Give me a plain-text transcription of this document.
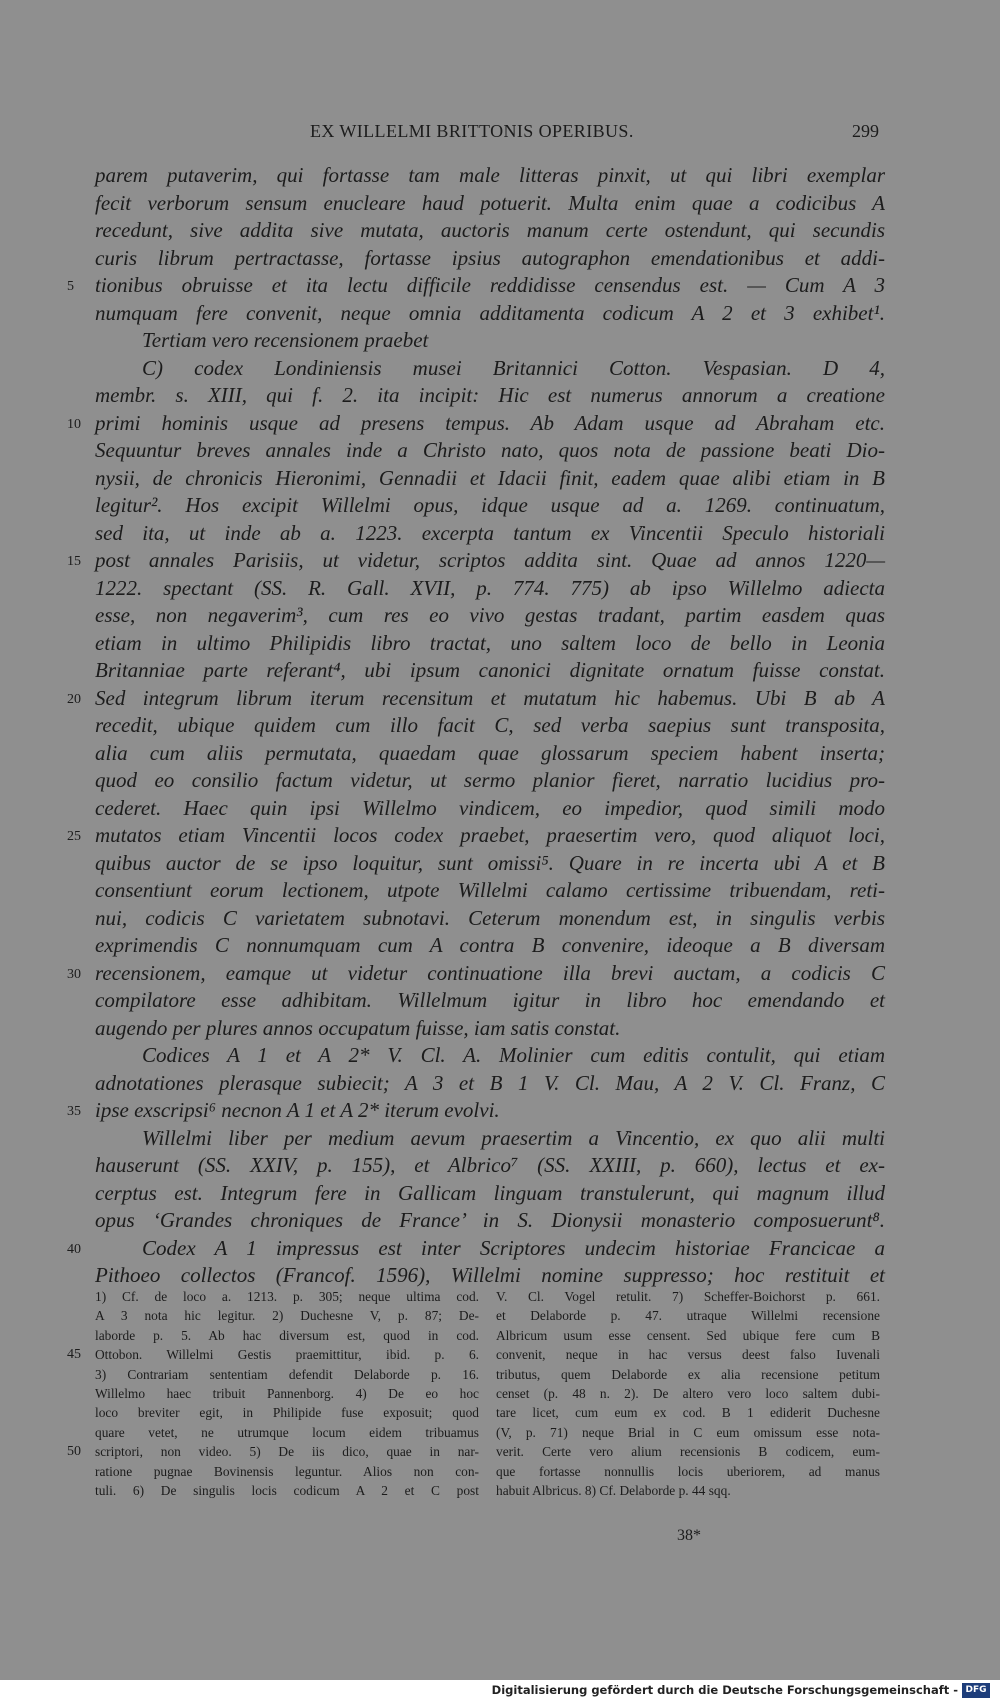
EX WILLELMI BRITTONIS OPERIBUS.	299
parem putaverim, qui fortasse tam male litteras pinxit, ut qui libri exemplar
fecit verborum sensum enucleare haud potuerit. Multa enim quae a codicibus A
recedunt, sive addita sive mutata, auctoris manum certe ostendunt, qui secundis
curis librum pertractasse, fortasse ipsius autographon emendationibus et addi-
tionibus obruisse et ita lectu difficile reddidisse censendus est. — Cum A 3
5
numquam fere convenit, neque omnia additamenta codicum A 2 et 3 exhibet¹.
Tertiam vero recensionem praebet
C) codex Londiniensis musei Britannici Cotton. Vespasian. D 4,
membr. s. XIII, qui f. 2. ita incipit: Hic est numerus annorum a creatione
primi hominis usque ad presens tempus. Ab Adam usque ad Abraham etc.
10
Sequuntur breves annales inde a Christo nato, quos nota de passione beati Dio-
nysii, de chronicis Hieronimi, Gennadii et Idacii finit, eadem quae alibi etiam in B
legitur². Hos excipit Willelmi opus, idque usque ad a. 1269. continuatum,
sed ita, ut inde ab a. 1223. excerpta tantum ex Vincentii Speculo historiali
post annales Parisiis, ut videtur, scriptos addita sint. Quae ad annos 1220—
15
1222. spectant (SS. R. Gall. XVII, p. 774. 775) ab ipso Willelmo adiecta
esse, non negaverim³, cum res eo vivo gestas tradant, partim easdem quas
etiam in ultimo Philipidis libro tractat, uno saltem loco de bello in Leonia
Britanniae parte referant⁴, ubi ipsum canonici dignitate ornatum fuisse constat.
Sed integrum librum iterum recensitum et mutatum hic habemus. Ubi B ab A
20
recedit, ubique quidem cum illo facit C, sed verba saepius sunt transposita,
alia cum aliis permutata, quaedam quae glossarum speciem habent inserta;
quod eo consilio factum videtur, ut sermo planior fieret, narratio lucidius pro-
cederet. Haec quin ipsi Willelmo vindicem, eo impedior, quod simili modo
mutatos etiam Vincentii locos codex praebet, praesertim vero, quod aliquot loci,
25
quibus auctor de se ipso loquitur, sunt omissi⁵. Quare in re incerta ubi A et B
consentiunt eorum lectionem, utpote Willelmi calamo certissime tribuendam, reti-
nui, codicis C varietatem subnotavi. Ceterum monendum est, in singulis verbis
exprimendis C nonnumquam cum A contra B convenire, ideoque a B diversam
recensionem, eamque ut videtur continuatione illa brevi auctam, a codicis C
30
compilatore esse adhibitam. Willelmum igitur in libro hoc emendando et
augendo per plures annos occupatum fuisse, iam satis constat.
Codices A 1 et A 2* V. Cl. A. Molinier cum editis contulit, qui etiam
adnotationes plerasque subiecit; A 3 et B 1 V. Cl. Mau, A 2 V. Cl. Franz, C
ipse exscripsi⁶ necnon A 1 et A 2* iterum evolvi.
35
Willelmi liber per medium aevum praesertim a Vincentio, ex quo alii multi
hauserunt (SS. XXIV, p. 155), et Albrico⁷ (SS. XXIII, p. 660), lectus et ex-
cerptus est. Integrum fere in Gallicam linguam transtulerunt, qui magnum illud
opus ‘Grandes chroniques de France’ in S. Dionysii monasterio composuerunt⁸.
Codex A 1 impressus est inter Scriptores undecim historiae Francicae a
40
Pithoeo collectos (Francof. 1596), Willelmi nomine suppresso; hoc restituit et
1) Cf. de loco a. 1213. p. 305; neque ultima cod.
A 3 nota hic legitur. 2) Duchesne V, p. 87; De-
laborde p. 5. Ab hac diversum est, quod in cod.
Ottobon. Willelmi Gestis praemittitur, ibid. p. 6.
45
3) Contrariam sententiam defendit Delaborde p. 16.
Willelmo haec tribuit Pannenborg. 4) De eo hoc
loco breviter egit, in Philipide fuse exposuit; quod
quare vetet, ne utrumque locum eidem tribuamus
scriptori, non video. 5) De iis dico, quae in nar-
50
ratione pugnae Bovinensis leguntur. Alios non con-
tuli. 6) De singulis locis codicum A 2 et C post
V. Cl. Vogel retulit. 7) Scheffer-Boichorst p. 661.
et Delaborde p. 47. utraque Willelmi recensione
Albricum usum esse censent. Sed ubique fere cum B
convenit, neque in hac versus deest falso Iuvenali
tributus, quem Delaborde ex alia recensione petitum
censet (p. 48 n. 2). De altero vero loco saltem dubi-
tare licet, cum eum ex cod. B 1 ediderit Duchesne
(V, p. 71) neque Brial in C eum omissum esse nota-
verit. Certe vero alium recensionis B codicem, eum-
que fortasse nonnullis locis uberiorem, ad manus
habuit Albricus. 8) Cf. Delaborde p. 44 sqq.
38*
Digitalisierung gefördert durch die Deutsche Forschungsgemeinschaft - DFG
